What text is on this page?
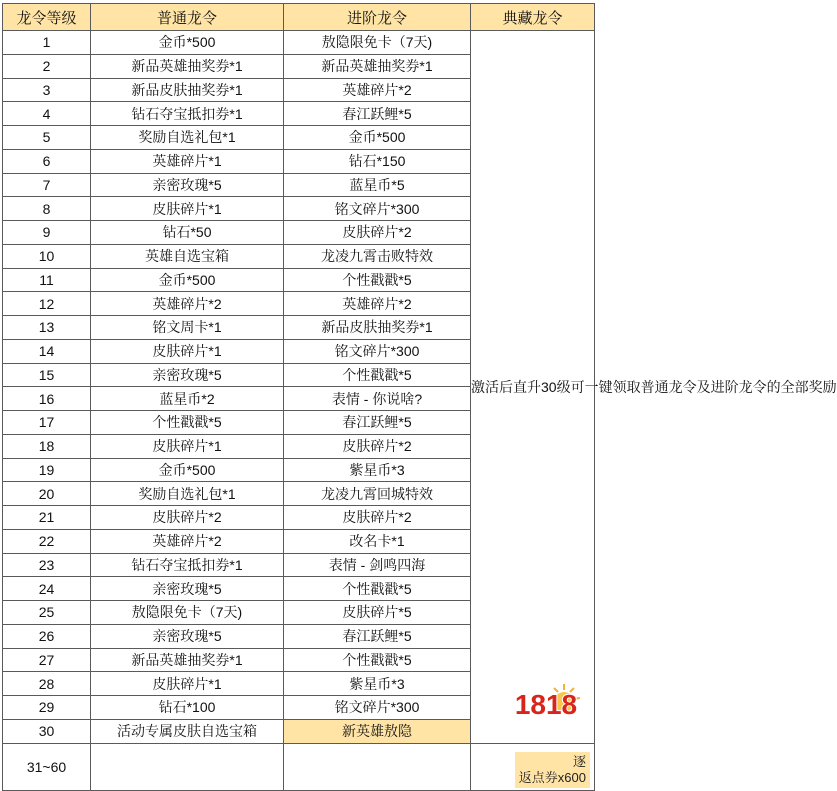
龙令等级	普通龙令	进阶龙令	典藏龙令
1	金币*500	敖隐限免卡（7天)	激活后直升30级可一键领取普通龙令及进阶龙令的全部奖励
2	新品英雄抽奖券*1	新品英雄抽奖券*1	
3	新品皮肤抽奖券*1	英雄碎片*2	
4	钻石夺宝抵扣券*1	春江跃鲤*5	
5	奖励自选礼包*1	金币*500	
6	英雄碎片*1	钻石*150	
7	亲密玫瑰*5	蓝星币*5	
8	皮肤碎片*1	铭文碎片*300	
9	钻石*50	皮肤碎片*2	
10	英雄自选宝箱	龙凌九霄击败特效	
11	金币*500	个性戳戳*5	
12	英雄碎片*2	英雄碎片*2	
13	铭文周卡*1	新品皮肤抽奖券*1	
14	皮肤碎片*1	铭文碎片*300	
15	亲密玫瑰*5	个性戳戳*5	
16	蓝星币*2	表情 - 你说啥?	
17	个性戳戳*5	春江跃鲤*5	
18	皮肤碎片*1	皮肤碎片*2	
19	金币*500	紫星币*3	
20	奖励自选礼包*1	龙凌九霄回城特效	
21	皮肤碎片*2	皮肤碎片*2	
22	英雄碎片*2	改名卡*1	
23	钻石夺宝抵扣券*1	表情 - 剑鸣四海	
24	亲密玫瑰*5	个性戳戳*5	
25	敖隐限免卡（7天)	皮肤碎片*5	
26	亲密玫瑰*5	春江跃鲤*5	
27	新品英雄抽奖券*1	个性戳戳*5	
28	皮肤碎片*1	紫星币*3	
29	钻石*100	铭文碎片*300	
30	活动专属皮肤自选宝箱	新英雄敖隐	
31~60			逐
返点券x600
1818
